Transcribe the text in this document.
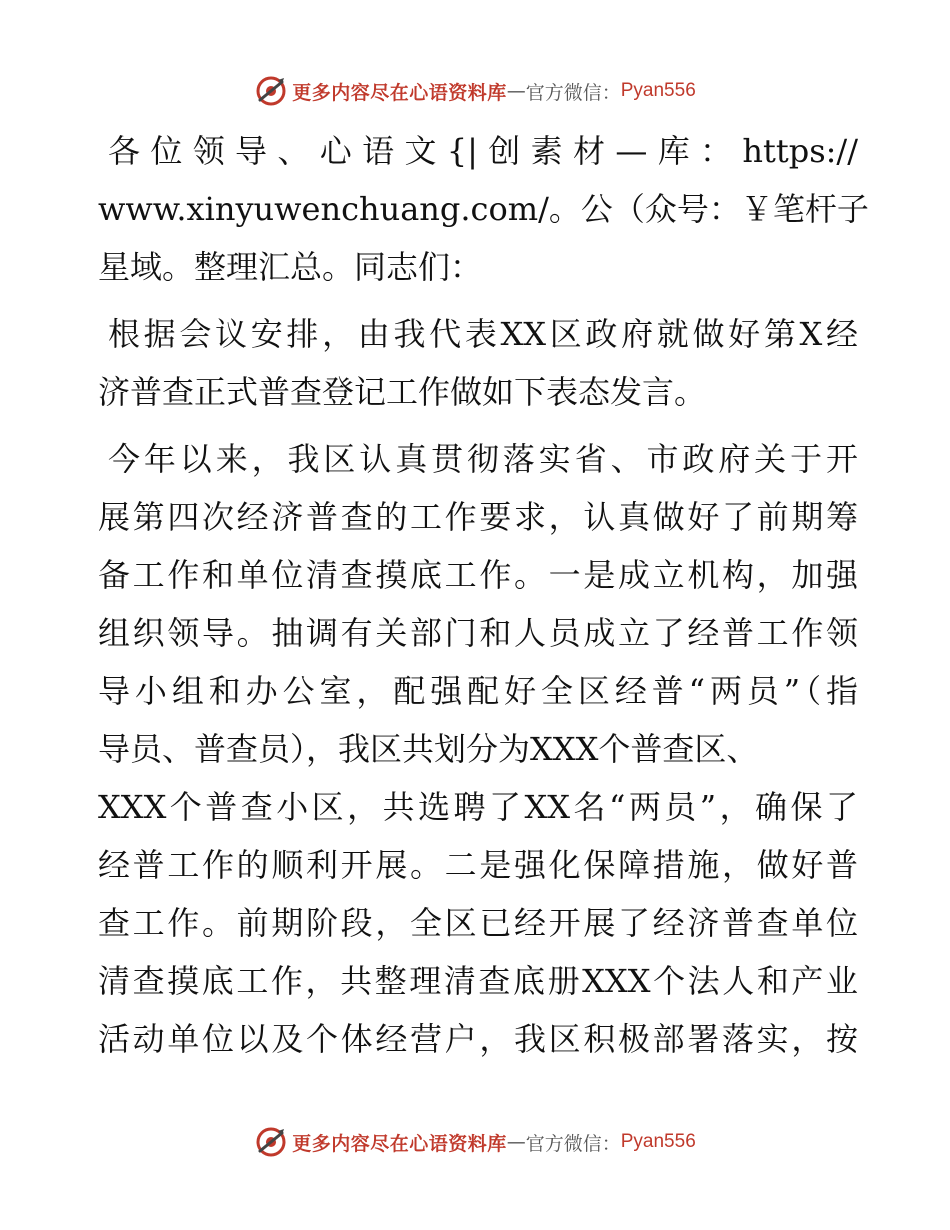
更多内容尽在心语资料库 — 官方微信： Pyan556

各位领导、心语文{|创素材—库：https://
www.xinyuwenchuang.com/。公（众号：￥笔杆子
星域。整理汇总。同志们：

根据会议安排，由我代表XX区政府就做好第X经
济普查正式普查登记工作做如下表态发言。

今年以来，我区认真贯彻落实省、市政府关于开
展第四次经济普查的工作要求，认真做好了前期筹
备工作和单位清查摸底工作。一是成立机构，加强
组织领导。抽调有关部门和人员成立了经普工作领
导小组和办公室，配强配好全区经普“两员”（指
导员、普查员），我区共划分为XXX个普查区、
XXX个普查小区，共选聘了XX名“两员”，确保了
经普工作的顺利开展。二是强化保障措施，做好普
查工作。前期阶段，全区已经开展了经济普查单位
清查摸底工作，共整理清查底册XXX个法人和产业
活动单位以及个体经营户，我区积极部署落实，按

更多内容尽在心语资料库 — 官方微信： Pyan556
